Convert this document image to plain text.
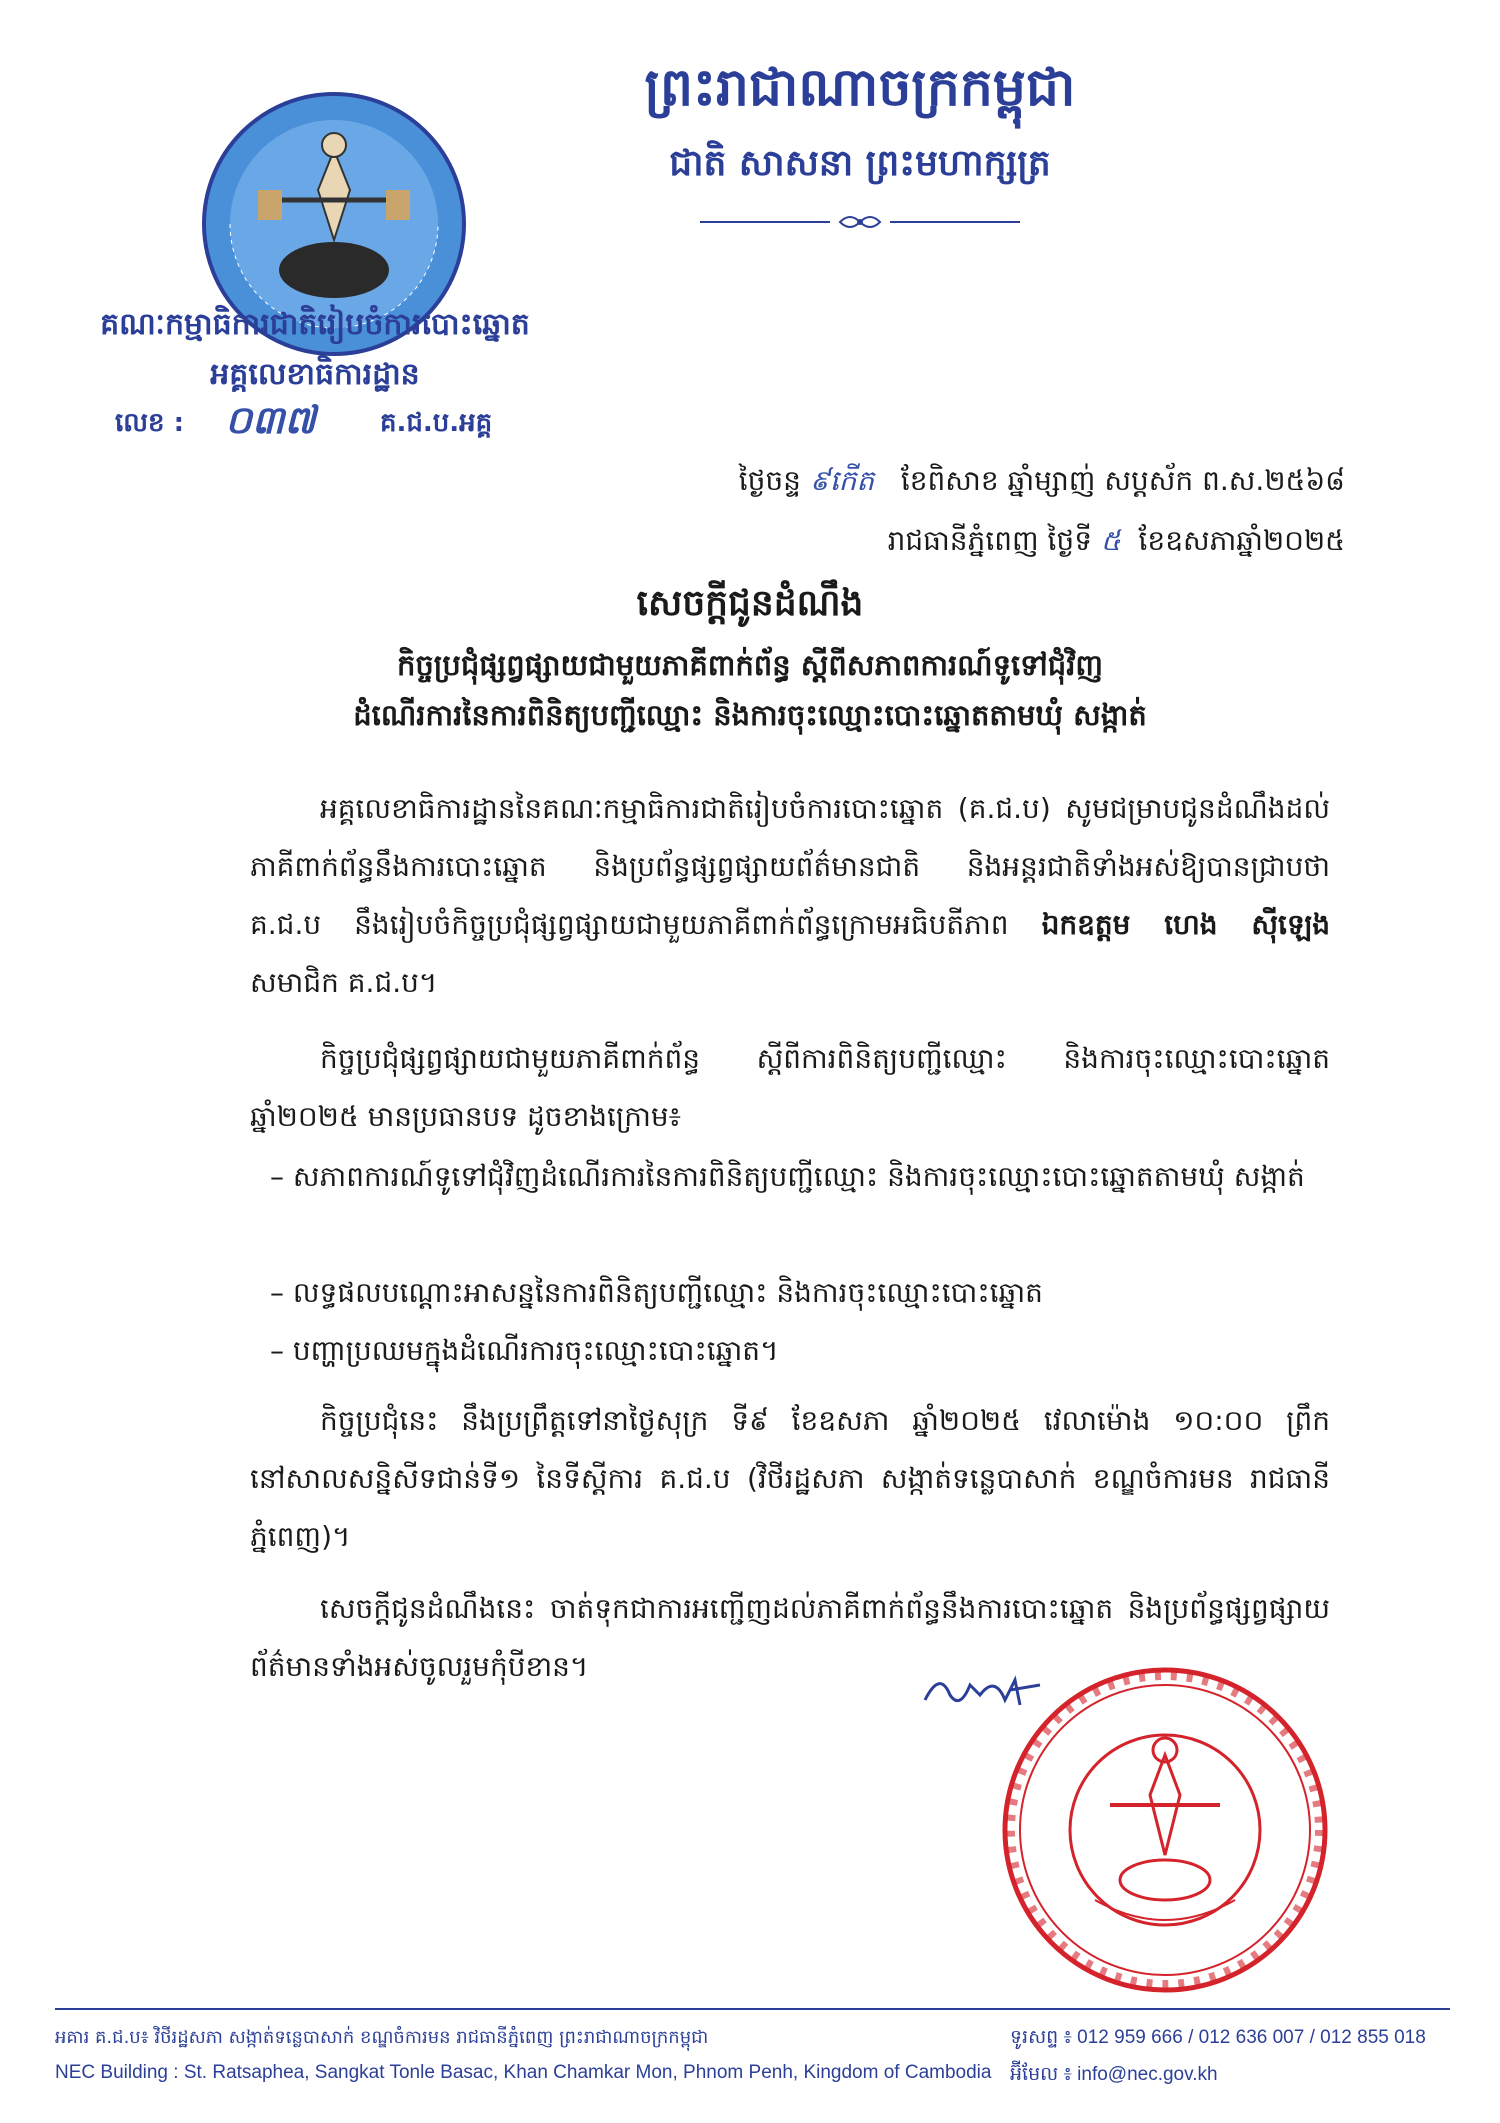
ព្រះរាជាណាចក្រកម្ពុជា
ជាតិ សាសនា ព្រះមហាក្សត្រ
គណៈកម្មាធិការជាតិរៀបចំការបោះឆ្នោត
អគ្គលេខាធិការដ្ឋាន
លេខ : ០៣៧ គ.ជ.ប.អគ្គ
ថ្ងៃចន្ទ ៩កើត ខែពិសាខ ឆ្នាំម្សាញ់ សប្តស័ក ព.ស.២៥៦៨
រាជធានីភ្នំពេញ ថ្ងៃទី ៥ ខែឧសភាឆ្នាំ២០២៥
សេចក្តីជូនដំណឹង
កិច្ចប្រជុំផ្សព្វផ្សាយជាមួយភាគីពាក់ព័ន្ធ ស្តីពីសភាពការណ៍ទូទៅជុំវិញ
ដំណើរការនៃការពិនិត្យបញ្ជីឈ្មោះ និងការចុះឈ្មោះបោះឆ្នោតតាមឃុំ សង្កាត់
អគ្គលេខាធិការដ្ឋាននៃគណៈកម្មាធិការជាតិរៀបចំការបោះឆ្នោត (គ.ជ.ប) សូមជម្រាបជូនដំណឹងដល់ភាគីពាក់ព័ន្ធនឹងការបោះឆ្នោត និងប្រព័ន្ធផ្សព្វផ្សាយព័ត៌មានជាតិ និងអន្តរជាតិទាំងអស់ឱ្យបានជ្រាបថា គ.ជ.ប នឹងរៀបចំកិច្ចប្រជុំផ្សព្វផ្សាយជាមួយភាគីពាក់ព័ន្ធក្រោមអធិបតីភាព ឯកឧត្តម ហេង ស៊ីឡេង សមាជិក គ.ជ.ប។
កិច្ចប្រជុំផ្សព្វផ្សាយជាមួយភាគីពាក់ព័ន្ធ ស្តីពីការពិនិត្យបញ្ជីឈ្មោះ និងការចុះឈ្មោះបោះឆ្នោត ឆ្នាំ២០២៥ មានប្រធានបទ ដូចខាងក្រោម៖
– សភាពការណ៍ទូទៅជុំវិញដំណើរការនៃការពិនិត្យបញ្ជីឈ្មោះ និងការចុះឈ្មោះបោះឆ្នោតតាមឃុំ សង្កាត់
– លទ្ធផលបណ្តោះអាសន្ននៃការពិនិត្យបញ្ជីឈ្មោះ និងការចុះឈ្មោះបោះឆ្នោត
– បញ្ហាប្រឈមក្នុងដំណើរការចុះឈ្មោះបោះឆ្នោត។
កិច្ចប្រជុំនេះ នឹងប្រព្រឹត្តទៅនាថ្ងៃសុក្រ ទី៩ ខែឧសភា ឆ្នាំ២០២៥ វេលាម៉ោង ១០:០០ ព្រឹក នៅសាលសន្និសីទជាន់ទី១ នៃទីស្តីការ គ.ជ.ប (វិថីរដ្ឋសភា សង្កាត់ទន្លេបាសាក់ ខណ្ឌចំការមន រាជធានីភ្នំពេញ)។
សេចក្តីជូនដំណឹងនេះ ចាត់ទុកជាការអញ្ជើញដល់ភាគីពាក់ព័ន្ធនឹងការបោះឆ្នោត និងប្រព័ន្ធផ្សព្វផ្សាយព័ត៌មានទាំងអស់ចូលរួមកុំបីខាន។
អគារ គ.ជ.ប៖ វិថីរដ្ឋសភា សង្កាត់ទន្លេបាសាក់ ខណ្ឌចំការមន រាជធានីភ្នំពេញ ព្រះរាជាណាចក្រកម្ពុជា
NEC Building : St. Ratsaphea, Sangkat Tonle Basac, Khan Chamkar Mon, Phnom Penh, Kingdom of Cambodia
ទូរសព្ទ ៖ 012 959 666 / 012 636 007 / 012 855 018
អ៊ីមែល ៖ info@nec.gov.kh
